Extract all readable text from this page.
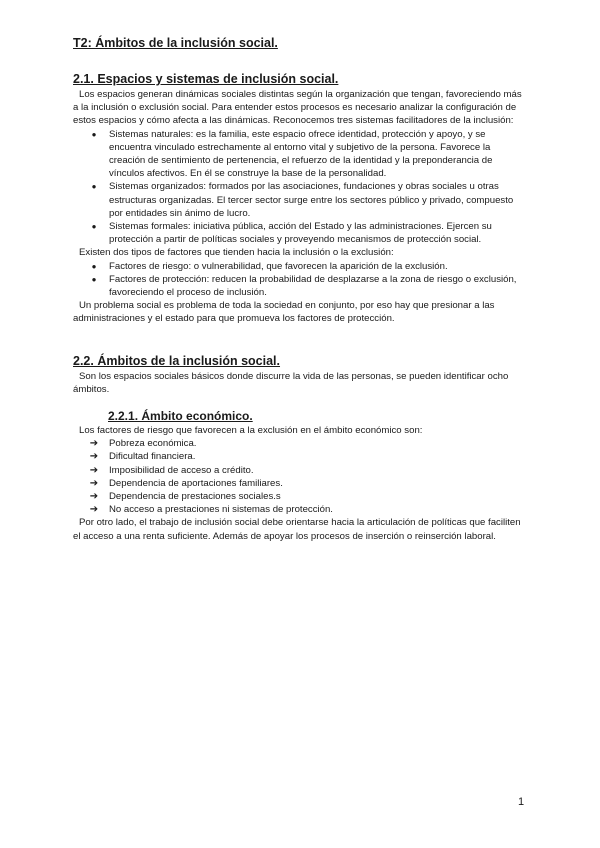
T2: Ámbitos de la inclusión social.
2.1. Espacios y sistemas de inclusión social.

Los espacios generan dinámicas sociales distintas según la organización que tengan, favoreciendo más a la inclusión o exclusión social. Para entender estos procesos es necesario analizar la configuración de estos espacios y cómo afecta a las dinámicas. Reconocemos tres sistemas facilitadores de la inclusión:

● Sistemas naturales: es la familia, este espacio ofrece identidad, protección y apoyo, y se encuentra vinculado estrechamente al entorno vital y subjetivo de la persona. Favorece la creación de sentimiento de pertenencia, el refuerzo de la identidad y la preponderancia de vínculos afectivos. En él se construye la base de la personalidad.
● Sistemas organizados: formados por las asociaciones, fundaciones y obras sociales u otras estructuras organizadas. El tercer sector surge entre los sectores público y privado, compuesto por entidades sin ánimo de lucro.
● Sistemas formales: iniciativa pública, acción del Estado y las administraciones. Ejercen su protección a partir de políticas sociales y proveyendo mecanismos de protección social.

Existen dos tipos de factores que tienden hacia la inclusión o la exclusión:

● Factores de riesgo: o vulnerabilidad, que favorecen la aparición de la exclusión.
● Factores de protección: reducen la probabilidad de desplazarse a la zona de riesgo o exclusión, favoreciendo el proceso de inclusión.

Un problema social es problema de toda la sociedad en conjunto, por eso hay que presionar a las administraciones y el estado para que promueva los factores de protección.

2.2. Ámbitos de la inclusión social.

Son los espacios sociales básicos donde discurre la vida de las personas, se pueden identificar ocho ámbitos.

2.2.1. Ámbito económico.

Los factores de riesgo que favorecen a la exclusión en el ámbito económico son:

➔ Pobreza económica.
➔ Dificultad financiera.
➔ Imposibilidad de acceso a crédito.
➔ Dependencia de aportaciones familiares.
➔ Dependencia de prestaciones sociales.s
➔ No acceso a prestaciones ni sistemas de protección.

Por otro lado, el trabajo de inclusión social debe orientarse hacia la articulación de políticas que faciliten el acceso a una renta suficiente. Además de apoyar los procesos de inserción o reinserción laboral.

1
